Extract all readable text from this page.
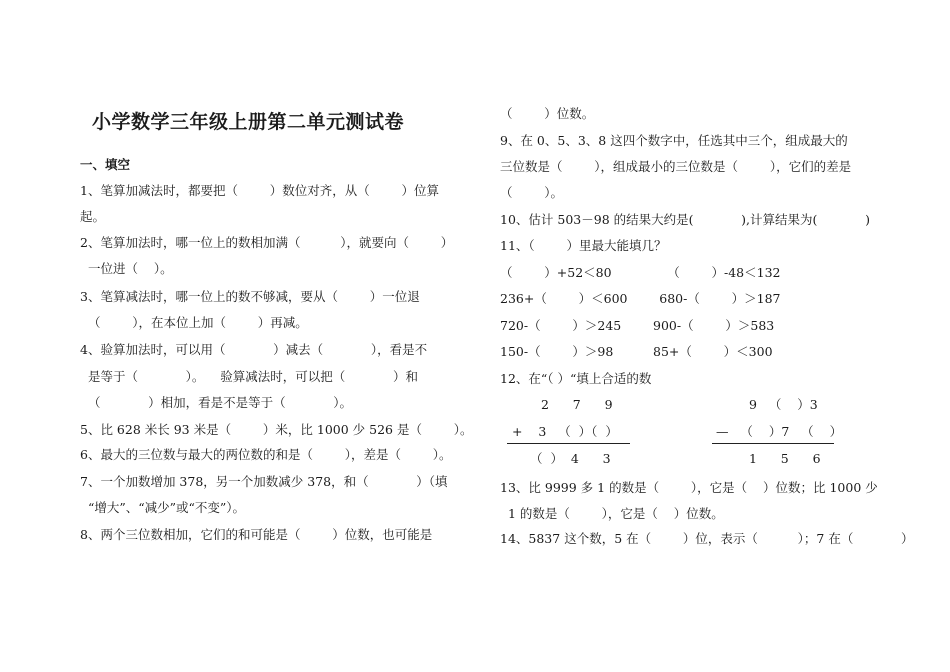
小学数学三年级上册第二单元测试卷
一、填空
1、笔算加减法时，都要把（        ）数位对齐，从（        ）位算
起。
2、笔算加法时，哪一位上的数相加满（          ），就要向（        ）
一位进（    ）。
3、笔算减法时，哪一位上的数不够减，要从（        ）一位退
（        ），在本位上加（        ）再减。
4、验算加法时，可以用（            ）减去（            ），看是不
是等于（            ）。    验算减法时，可以把（            ）和
（            ）相加，看是不是等于（            ）。
5、比 628 米长 93 米是（        ）米，比 1000 少 526 是（        ）。
6、最大的三位数与最大的两位数的和是（        ），差是（        ）。
7、一个加数增加 378，另一个加数减少 378，和（            ）（填
“增大”、“减少”或“不变”）。
8、两个三位数相加，它们的和可能是（        ）位数，也可能是
（        ）位数。
9、在 0、5、3、8 这四个数字中，任选其中三个，组成最大的
三位数是（        ），组成最小的三位数是（        ），它们的差是
（        ）。
10、估计 503－98 的结果大约是(            ),计算结果为(            )
11、（        ）里最大能填几？
（        ）+52＜80              （        ）-48＜132
236+（        ）＜600        680-（        ）＞187
720-（        ）＞245        900-（        ）＞583
150-（        ）＞98          85+（        ）＜300
12、在“（ ）“填上合适的数
2      7      9
+    3   （  ）（  ）
（  ）  4      3
9   （    ）3
—   （    ）7   （    ）
1      5      6
13、比 9999 多 1 的数是（        ），它是（    ）位数；比 1000 少
1 的数是（        ），它是（    ）位数。
14、5837 这个数，5 在（        ）位，表示（          ）；7 在（            ）
